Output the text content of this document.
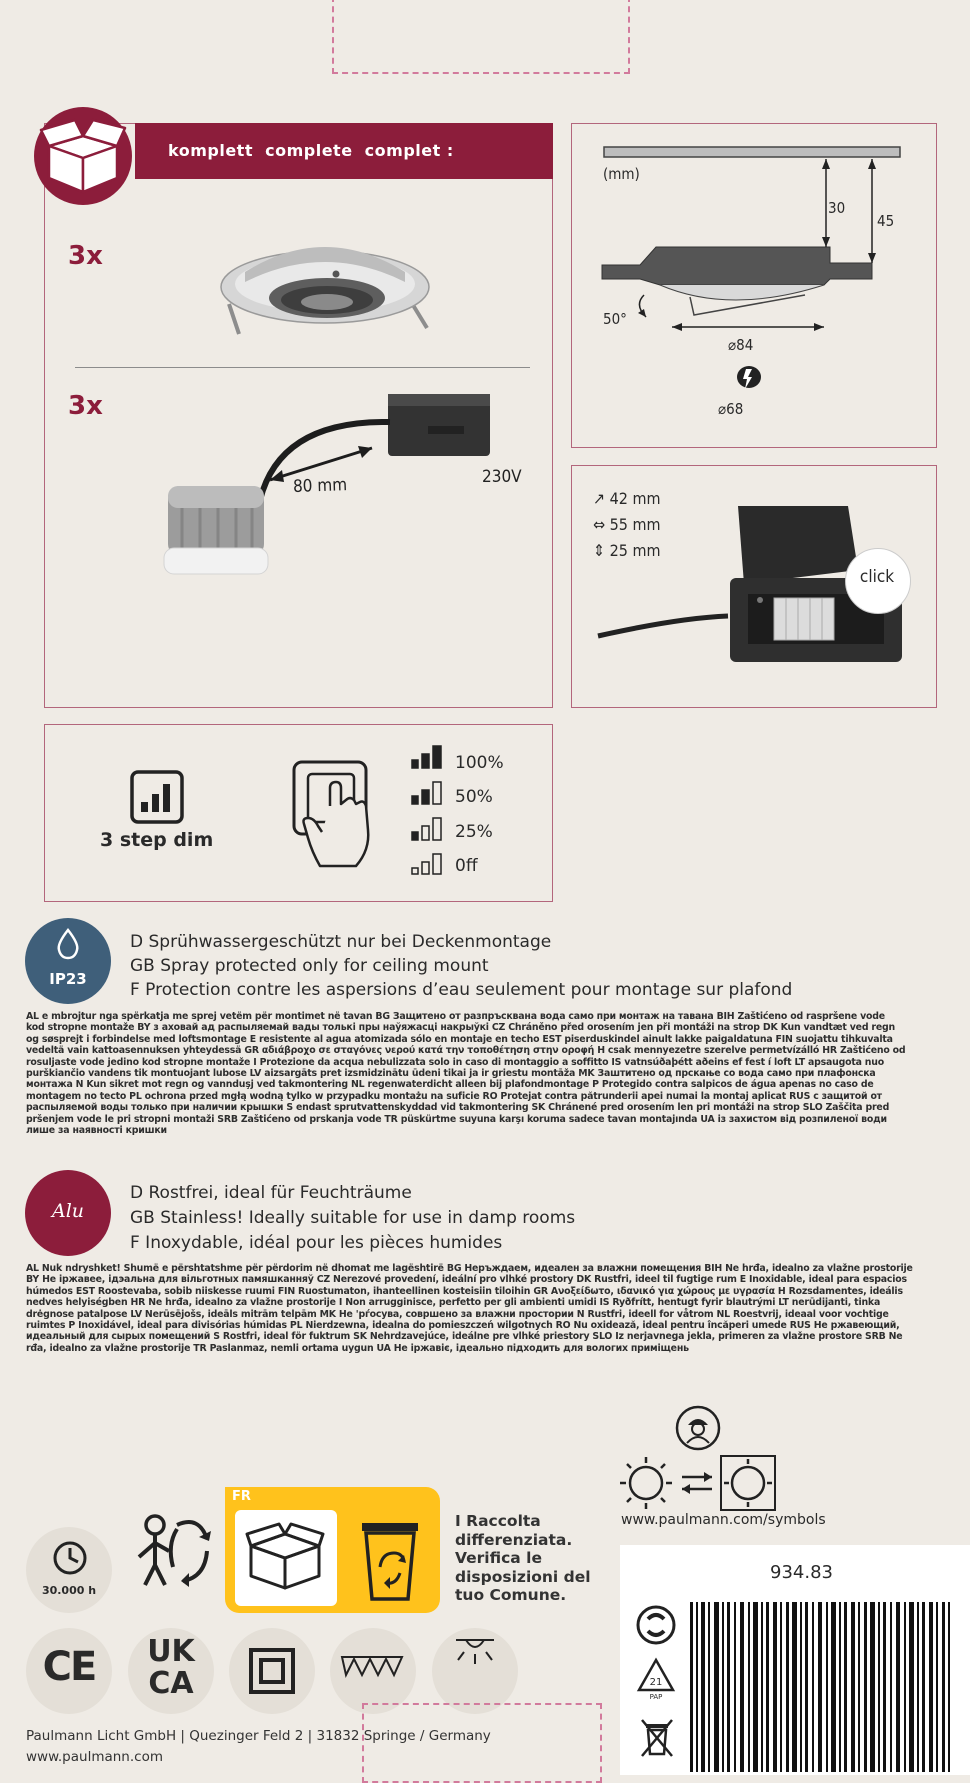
komplett  complete  complet :
3x
3x
80 mm	230V
(mm)
30
45
50°
⌀84
⌀68
↗ 42 mm
⇔ 55 mm
⇕ 25 mm
click
3 step dim
100%
50%
25%
0ff
IP23
D Sprühwassergeschützt nur bei Deckenmontage
GB Spray protected only for ceiling mount
F Protection contre les aspersions d’eau seulement pour montage sur plafond
AL e mbrojtur nga spërkatja me sprej vetëm për montimet në tavan BG Защитено от разпръсквана вода само при монтаж на тавана BIH Zaštićeno od raspršene vode
kod stropne montaže BY з аховай ад распыляемай вады толькі пры наўяжасці накрыўкі CZ Chráněno před orosením jen při montáži na strop DK Kun vandtæt ved regn
og søsprejt i forbindelse med loftsmontage E resistente al agua atomizada sólo en montaje en techo EST piserduskindel ainult lakke paigaldatuna FIN suojattu tihkuvalta
vedeltä vain kattoasennuksen yhteydessä GR αδιάβροχο σε σταγόνες νερού κατά την τοποθέτηση στην οροφή H csak mennyezetre szerelve permetvízálló HR Zaštićeno od
rosuljaste vode jedino kod stropne montaže I Protezione da acqua nebulizzata solo in caso di montaggio a soffitto IS vatnsúðaþétt aðeins ef fest í loft LT apsaugota nuo
purškiančio vandens tik montuojant lubose LV aizsargāts pret izsmidzinātu ūdeni tikai ja ir griestu montāža MK Заштитено од прскање со вода само при плафонска
монтажа N Kun sikret mot regn og vannduşj ved takmontering NL regenwaterdicht alleen bij plafondmontage P Protegido contra salpicos de água apenas no caso de
montagem no tecto PL ochrona przed mgłą wodną tylko w przypadku montażu na suficie RO Protejat contra pătrunderii apei numai la montaj aplicat RUS с защитой от
распыляемой воды только при наличии крышки S endast sprutvattenskyddad vid takmontering SK Chránené pred orosením len pri montáži na strop SLO Zaščita pred
pršenjem vode le pri stropni montaži SRB Zaštićeno od prskanja vode TR püskürtme suyuna karşı koruma sadece tavan montajında UA із захистом від розпиленої води
лише за наявності кришки
Alu
D Rostfrei, ideal für Feuchträume
GB Stainless! Ideally suitable for use in damp rooms
F Inoxydable, idéal pour les pièces humides
AL Nuk ndryshket! Shumë e përshtatshme për përdorim në dhomat me lagështirë BG Неръждаем, идеален за влажни помещения BIH Ne hrđa, idealno za vlažne prostorije
BY Не іржавее, ідэальна для вільготных памяшканняў CZ Nerezové provedení, ideální pro vlhké prostory DK Rustfri, ideel til fugtige rum E Inoxidable, ideal para espacios
húmedos EST Roostevaba, sobib niiskesse ruumi FIN Ruostumaton, ihanteellinen kosteisiin tiloihin GR Ανοξείδωτο, ιδανικό για χώρους με υγρασία H Rozsdamentes, ideális
nedves helyiségben HR Ne hrđa, idealno za vlažne prostorije I Non arrugginisce, perfetto per gli ambienti umidi IS Ryðfrítt, hentugt fyrir blautrými LT nerūdijanti, tinka
drėgnose patalpose LV Nerūsējošs, ideāls mitrām telpām MK Не 'рѓосува, совршено за влажни простории N Rustfri, ideell for våtrom NL Roestvrij, ideaal voor vochtige
ruimtes P Inoxidável, ideal para divisórias húmidas PL Nierdzewna, idealna do pomieszczeń wilgotnych RO Nu oxidează, ideal pentru încăperi umede RUS Не ржавеющий,
идеальный для сырых помещений S Rostfri, ideal för fuktrum SK Nehrdzavejúce, ideálne pre vlhké priestory SLO Iz nerjavnega jekla, primeren za vlažne prostore SRB Ne
rđa, idealno za vlažne prostorije TR Paslanmaz, nemli ortama uygun UA Не іржавіє, ідеально підходить для вологих приміщень
www.paulmann.com/symbols
30.000 h
FR
I Raccolta
differenziata.
Verifica le
disposizioni del
tuo Comune.
934.83
21
PAP
CE	UK
CA
Paulmann Licht GmbH | Quezinger Feld 2 | 31832 Springe / Germany
www.paulmann.com
